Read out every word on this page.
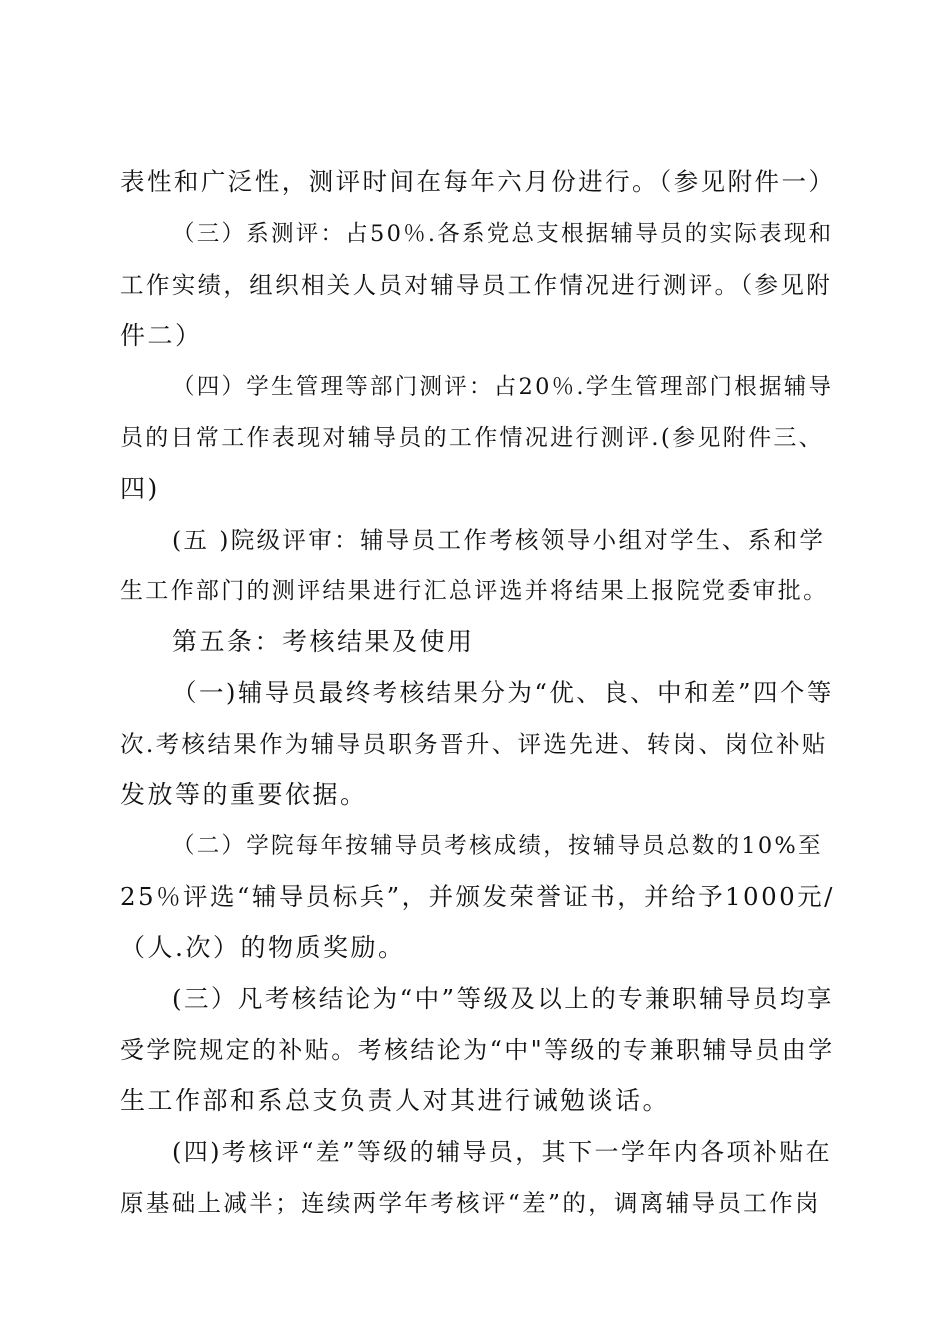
表性和广泛性，测评时间在每年六月份进行。（参见附件一）
（三）系测评：占50％.各系党总支根据辅导员的实际表现和
工作实绩，组织相关人员对辅导员工作情况进行测评。（参见附
件二）
（四）学生管理等部门测评：占20％.学生管理部门根据辅导
员的日常工作表现对辅导员的工作情况进行测评.(参见附件三、
四)
(五 )院级评审：辅导员工作考核领导小组对学生、系和学
生工作部门的测评结果进行汇总评选并将结果上报院党委审批。
第五条：考核结果及使用
（一)辅导员最终考核结果分为“优、良、中和差”四个等
次.考核结果作为辅导员职务晋升、评选先进、转岗、岗位补贴
发放等的重要依据。
（二）学院每年按辅导员考核成绩，按辅导员总数的10%至
25％评选“辅导员标兵”，并颁发荣誉证书，并给予1000元/
（人.次）的物质奖励。
(三）凡考核结论为“中”等级及以上的专兼职辅导员均享
受学院规定的补贴。考核结论为“中"等级的专兼职辅导员由学
生工作部和系总支负责人对其进行诫勉谈话。
(四)考核评“差”等级的辅导员，其下一学年内各项补贴在
原基础上减半；连续两学年考核评“差”的，调离辅导员工作岗
